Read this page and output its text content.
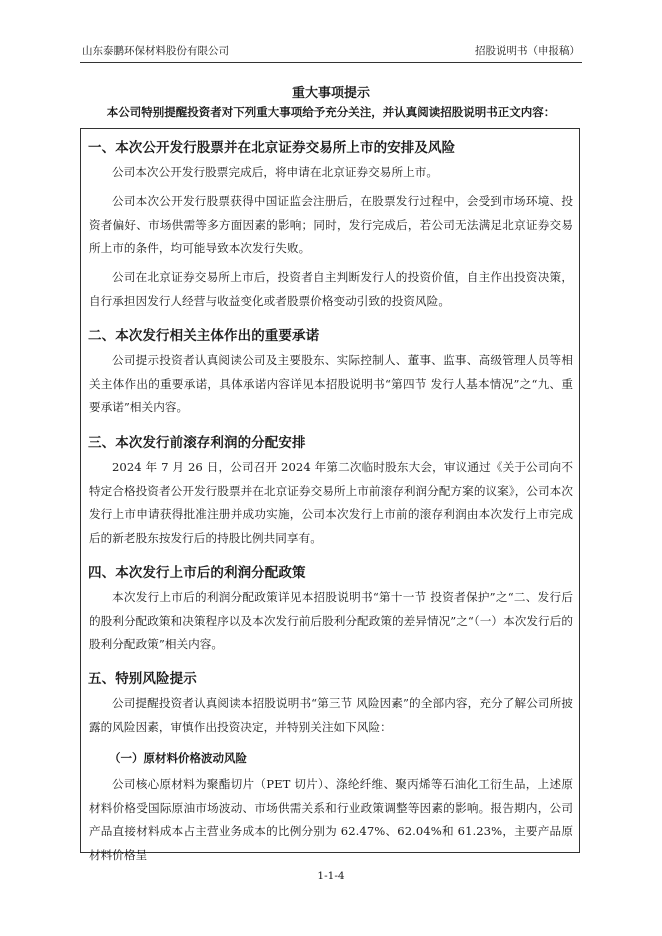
山东泰鹏环保材料股份有限公司	招股说明书（申报稿）
重大事项提示
本公司特别提醒投资者对下列重大事项给予充分关注，并认真阅读招股说明书正文内容：
一、本次公开发行股票并在北京证券交易所上市的安排及风险
公司本次公开发行股票完成后，将申请在北京证券交易所上市。
公司本次公开发行股票获得中国证监会注册后，在股票发行过程中，会受到市场环境、投资者偏好、市场供需等多方面因素的影响；同时，发行完成后，若公司无法满足北京证券交易所上市的条件，均可能导致本次发行失败。
公司在北京证券交易所上市后，投资者自主判断发行人的投资价值，自主作出投资决策，自行承担因发行人经营与收益变化或者股票价格变动引致的投资风险。
二、本次发行相关主体作出的重要承诺
公司提示投资者认真阅读公司及主要股东、实际控制人、董事、监事、高级管理人员等相关主体作出的重要承诺，具体承诺内容详见本招股说明书“第四节 发行人基本情况”之“九、重要承诺”相关内容。
三、本次发行前滚存利润的分配安排
2024 年 7 月 26 日，公司召开 2024 年第二次临时股东大会，审议通过《关于公司向不特定合格投资者公开发行股票并在北京证券交易所上市前滚存利润分配方案的议案》，公司本次发行上市申请获得批准注册并成功实施，公司本次发行上市前的滚存利润由本次发行上市完成后的新老股东按发行后的持股比例共同享有。
四、本次发行上市后的利润分配政策
本次发行上市后的利润分配政策详见本招股说明书“第十一节 投资者保护”之“二、发行后的股利分配政策和决策程序以及本次发行前后股利分配政策的差异情况”之“（一）本次发行后的股利分配政策”相关内容。
五、特别风险提示
公司提醒投资者认真阅读本招股说明书“第三节 风险因素”的全部内容，充分了解公司所披露的风险因素，审慎作出投资决定，并特别关注如下风险：
（一）原材料价格波动风险
公司核心原材料为聚酯切片（PET 切片）、涤纶纤维、聚丙烯等石油化工衍生品，上述原材料价格受国际原油市场波动、市场供需关系和行业政策调整等因素的影响。报告期内，公司产品直接材料成本占主营业务成本的比例分别为 62.47%、62.04%和 61.23%，主要产品原材料价格呈
1-1-4
